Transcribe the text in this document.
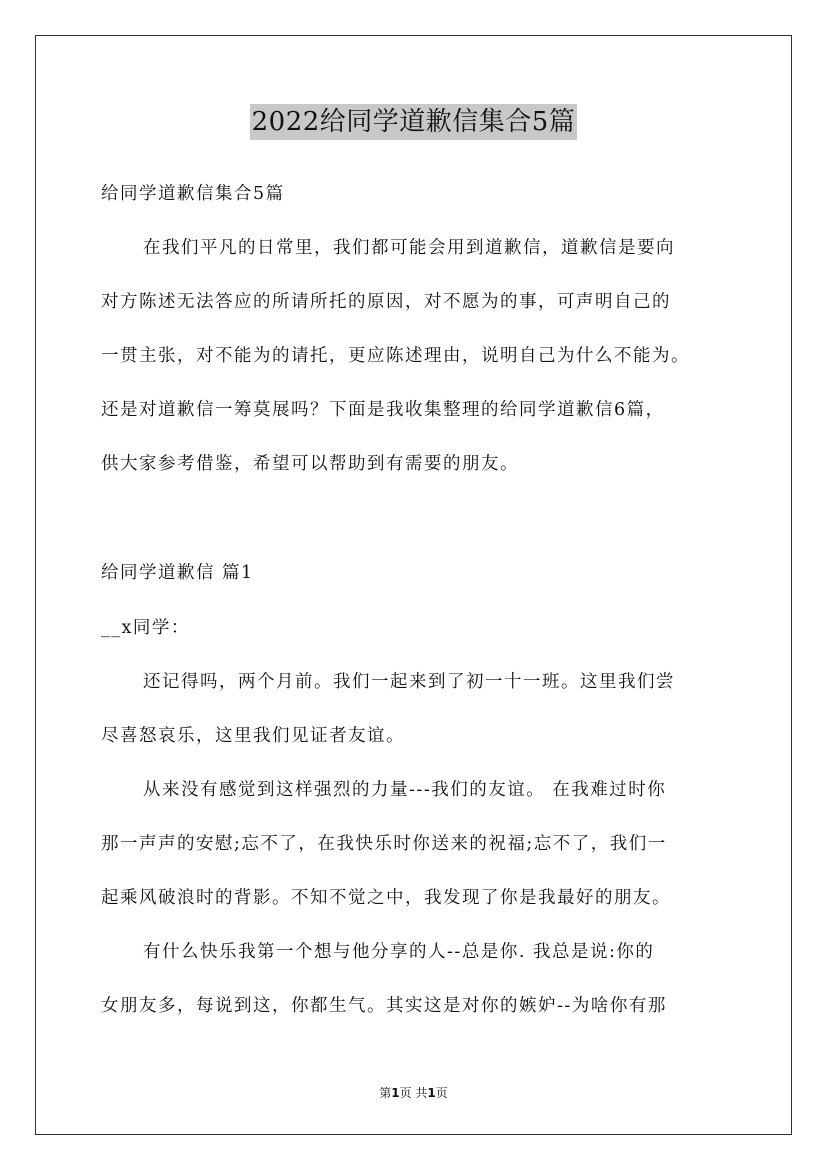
2022给同学道歉信集合5篇
给同学道歉信集合5篇
在我们平凡的日常里，我们都可能会用到道歉信，道歉信是要向
对方陈述无法答应的所请所托的原因，对不愿为的事，可声明自己的
一贯主张，对不能为的请托，更应陈述理由，说明自己为什么不能为。
还是对道歉信一筹莫展吗？下面是我收集整理的给同学道歉信6篇，
供大家参考借鉴，希望可以帮助到有需要的朋友。
给同学道歉信 篇1
__x同学：
还记得吗，两个月前。我们一起来到了初一十一班。这里我们尝
尽喜怒哀乐，这里我们见证者友谊。
从来没有感觉到这样强烈的力量---我们的友谊。 在我难过时你
那一声声的安慰;忘不了，在我快乐时你送来的祝福;忘不了，我们一
起乘风破浪时的背影。不知不觉之中，我发现了你是我最好的朋友。
有什么快乐我第一个想与他分享的人--总是你. 我总是说:你的
女朋友多，每说到这，你都生气。其实这是对你的嫉妒--为啥你有那
第1页 共1页
